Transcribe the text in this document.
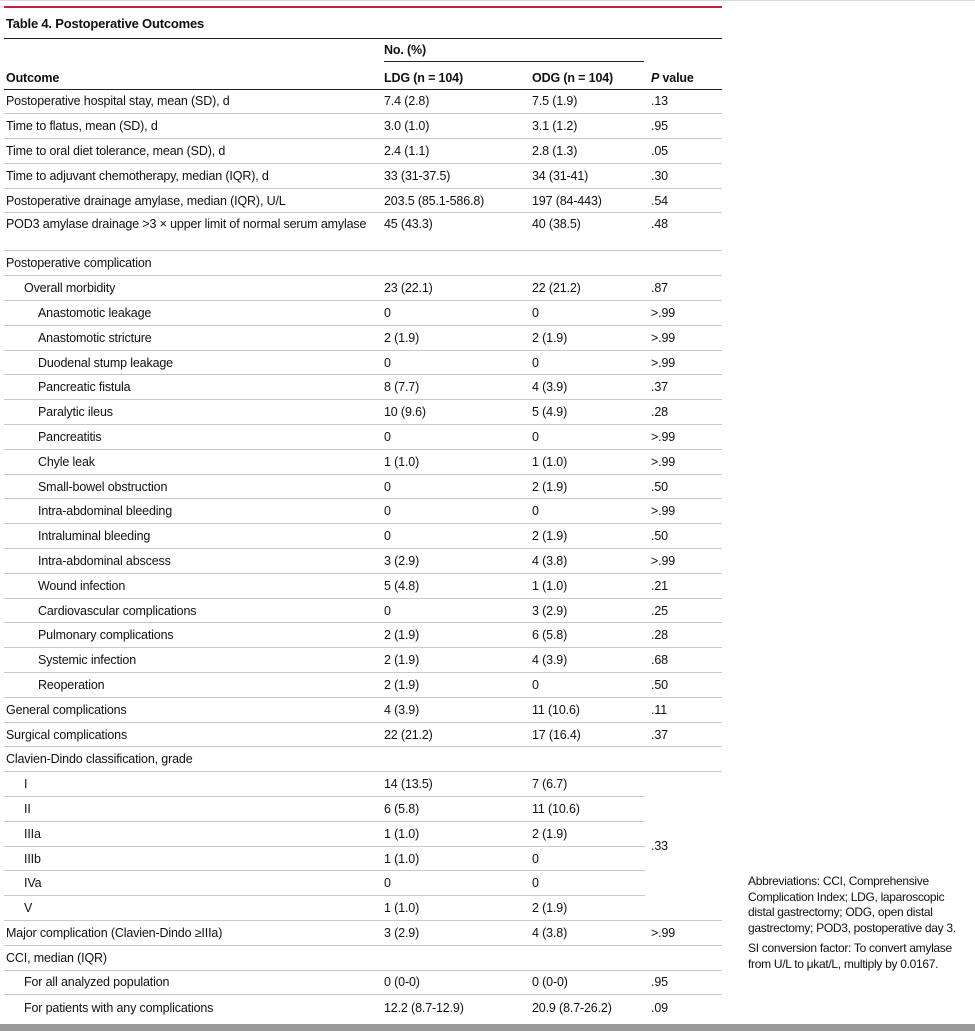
Table 4. Postoperative Outcomes
	No. (%)	

Outcome	LDG (n = 104)	ODG (n = 104)	P value
Postoperative hospital stay, mean (SD), d	7.4 (2.8)	7.5 (1.9)	.13
Time to flatus, mean (SD), d	3.0 (1.0)	3.1 (1.2)	.95
Time to oral diet tolerance, mean (SD), d	2.4 (1.1)	2.8 (1.3)	.05
Time to adjuvant chemotherapy, median (IQR), d	33 (31-37.5)	34 (31-41)	.30
Postoperative drainage amylase, median (IQR), U/L	203.5 (85.1-586.8)	197 (84-443)	.54
POD3 amylase drainage >3 × upper limit of normal serum amylase	45 (43.3)	40 (38.5)	.48
Postoperative complication			
Overall morbidity	23 (22.1)	22 (21.2)	.87
Anastomotic leakage	0	0	>.99
Anastomotic stricture	2 (1.9)	2 (1.9)	>.99
Duodenal stump leakage	0	0	>.99
Pancreatic fistula	8 (7.7)	4 (3.9)	.37
Paralytic ileus	10 (9.6)	5 (4.9)	.28
Pancreatitis	0	0	>.99
Chyle leak	1 (1.0)	1 (1.0)	>.99
Small-bowel obstruction	0	2 (1.9)	.50
Intra-abdominal bleeding	0	0	>.99
Intraluminal bleeding	0	2 (1.9)	.50
Intra-abdominal abscess	3 (2.9)	4 (3.8)	>.99
Wound infection	5 (4.8)	1 (1.0)	.21
Cardiovascular complications	0	3 (2.9)	.25
Pulmonary complications	2 (1.9)	6 (5.8)	.28
Systemic infection	2 (1.9)	4 (3.9)	.68
Reoperation	2 (1.9)	0	.50
General complications	4 (3.9)	11 (10.6)	.11
Surgical complications	22 (21.2)	17 (16.4)	.37
Clavien-Dindo classification, grade			
I	14 (13.5)	7 (6.7)	.33
II	6 (5.8)	11 (10.6)	
IIIa	1 (1.0)	2 (1.9)	
IIIb	1 (1.0)	0	
IVa	0	0	
V	1 (1.0)	2 (1.9)	
Major complication (Clavien-Dindo ≥IIIa)	3 (2.9)	4 (3.8)	>.99
CCI, median (IQR)			
For all analyzed population	0 (0-0)	0 (0-0)	.95
For patients with any complications	12.2 (8.7-12.9)	20.9 (8.7-26.2)	.09

Abbreviations: CCI, Comprehensive Complication Index; LDG, laparoscopic distal gastrectomy; ODG, open distal gastrectomy; POD3, postoperative day 3.

SI conversion factor: To convert amylase from U/L to μkat/L, multiply by 0.0167.
